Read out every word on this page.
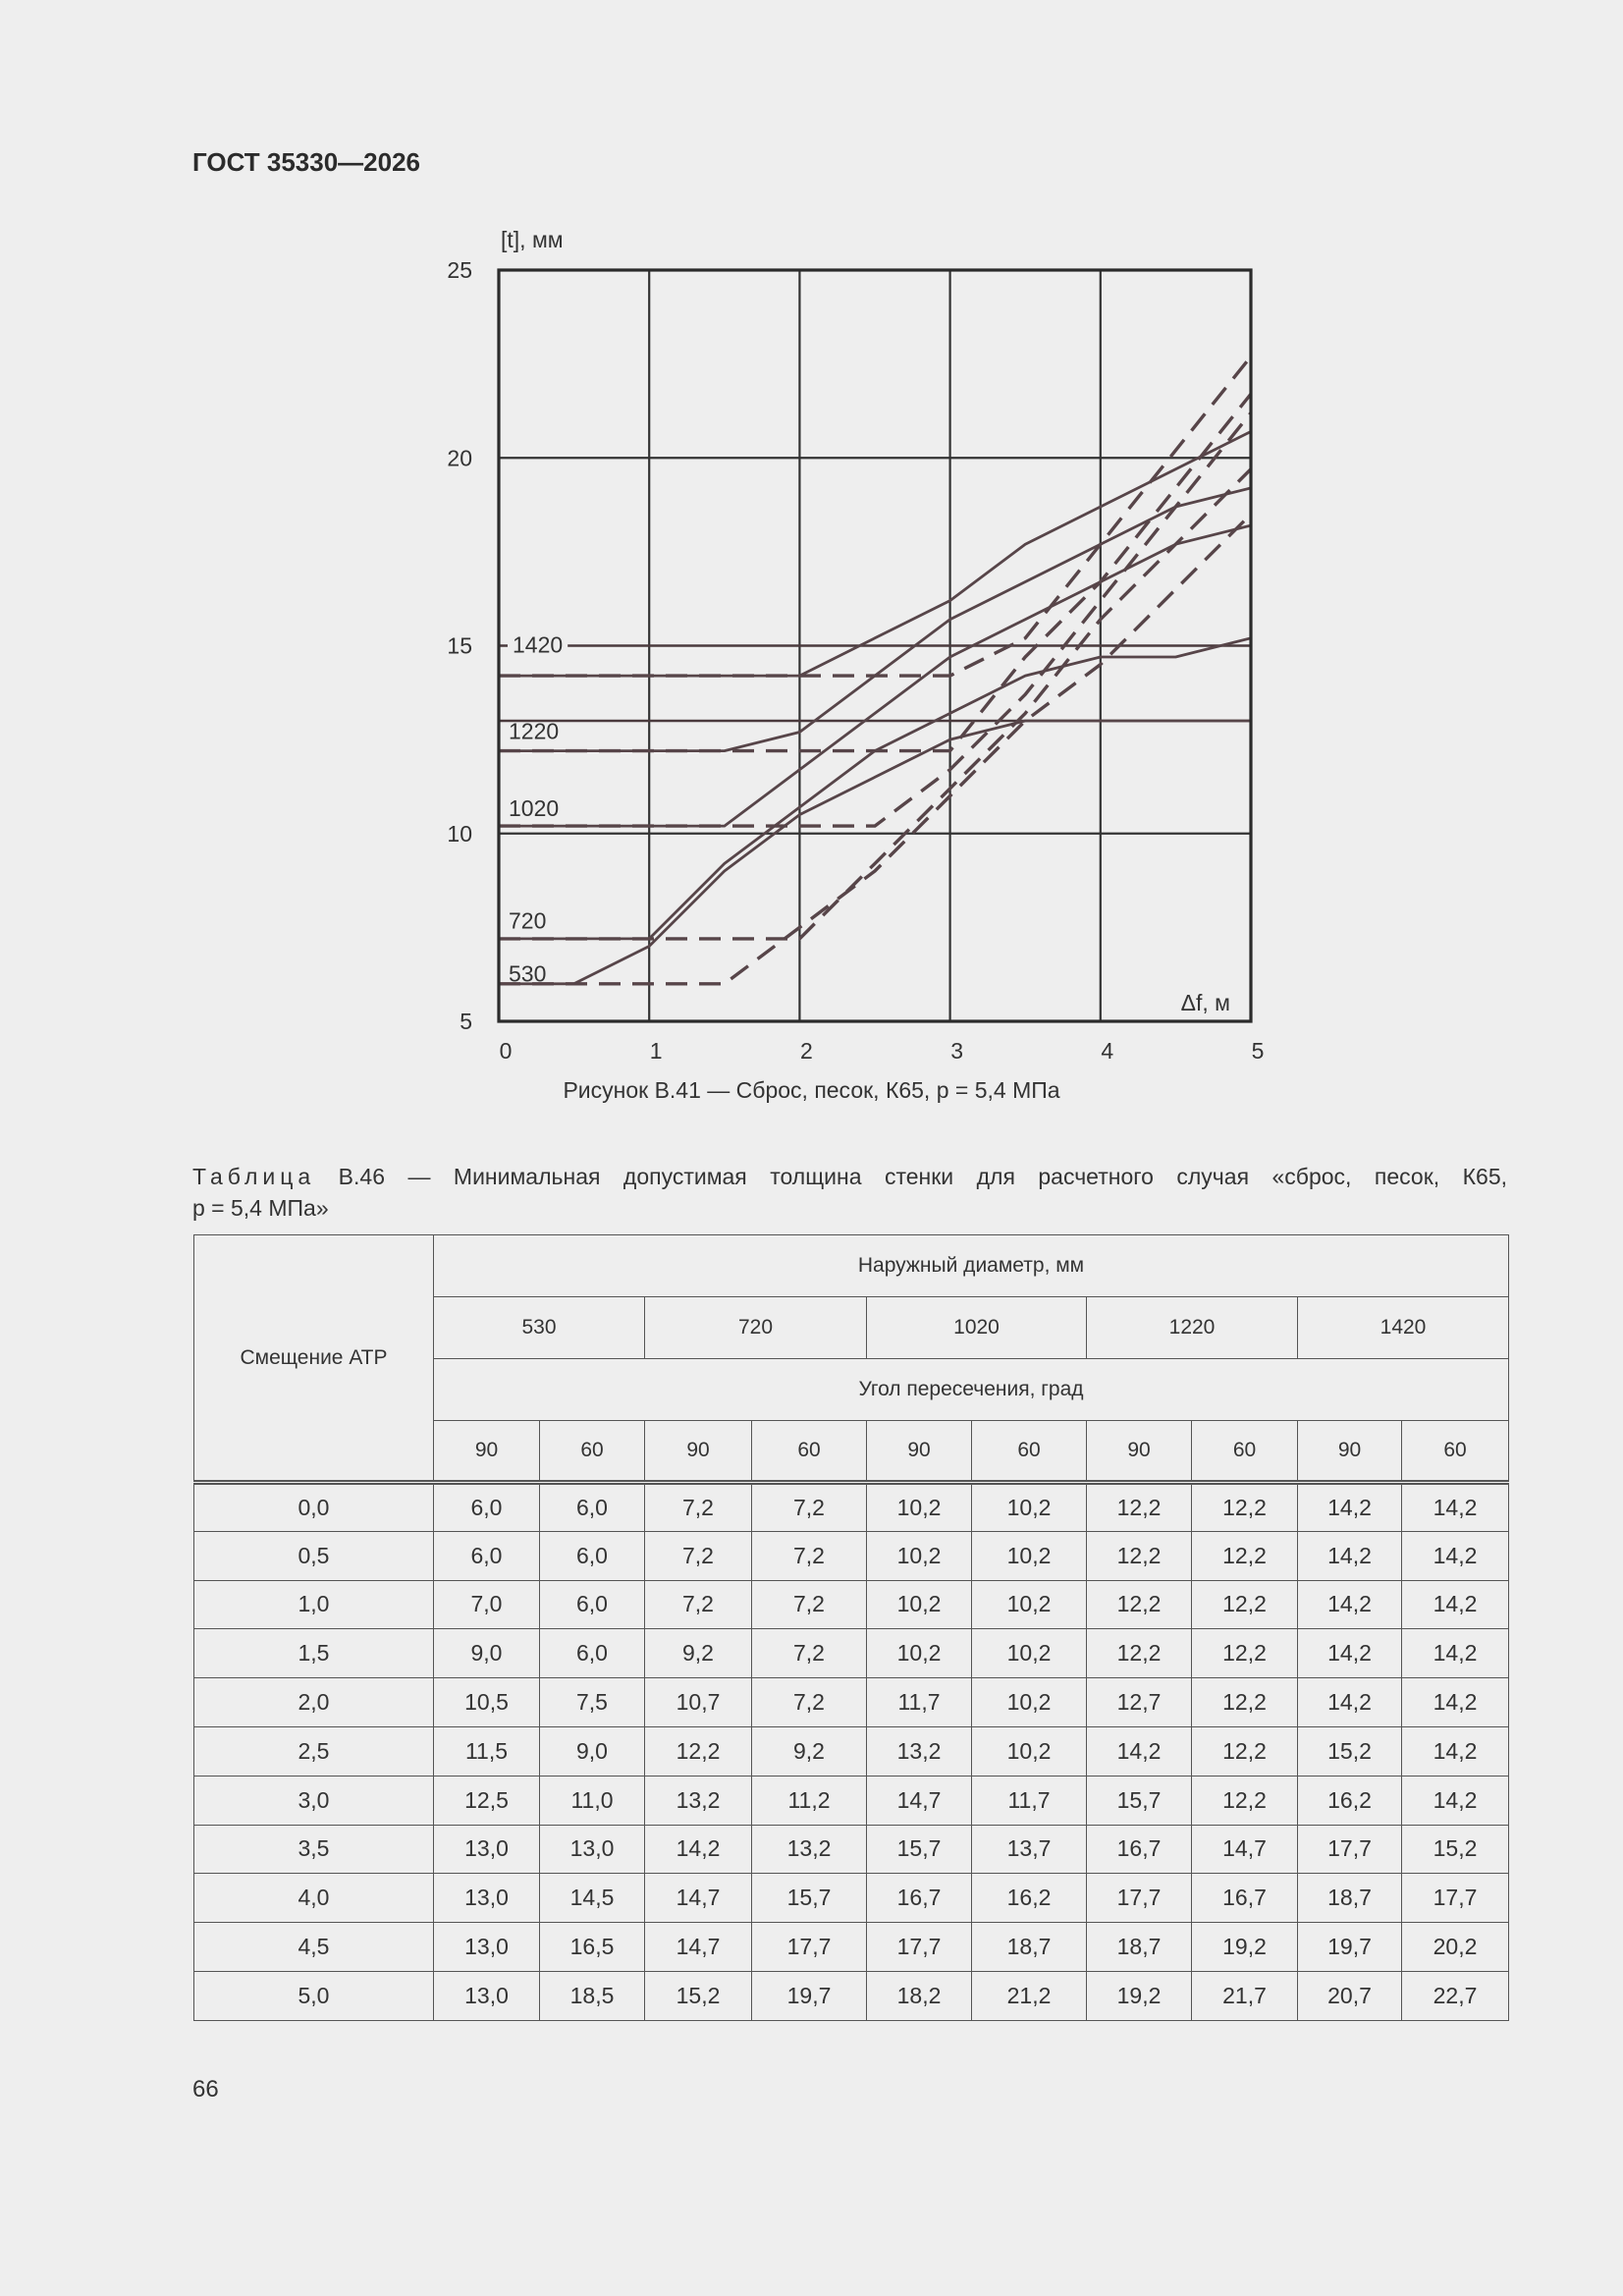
ГОСТ 35330—2026
0	1	2	3	4	5
5
10
15
20
25
1420
1220
1020
720
530
[t], мм
Δf, м
Рисунок В.41 — Сброс, песок, К65, p = 5,4 МПа
Таблица В.46 — Минимальная допустимая толщина стенки для расчетного случая «сброс, песок, К65,
p = 5,4 МПа»
Смещение АТР	Наружный диаметр, мм									
	530		720		1020		1220		1420	
	Угол пересечения, град									
	90	60	90	60	90	60	90	60	90	60
0,0	6,0	6,0	7,2	7,2	10,2	10,2	12,2	12,2	14,2	14,2
0,5	6,0	6,0	7,2	7,2	10,2	10,2	12,2	12,2	14,2	14,2
1,0	7,0	6,0	7,2	7,2	10,2	10,2	12,2	12,2	14,2	14,2
1,5	9,0	6,0	9,2	7,2	10,2	10,2	12,2	12,2	14,2	14,2
2,0	10,5	7,5	10,7	7,2	11,7	10,2	12,7	12,2	14,2	14,2
2,5	11,5	9,0	12,2	9,2	13,2	10,2	14,2	12,2	15,2	14,2
3,0	12,5	11,0	13,2	11,2	14,7	11,7	15,7	12,2	16,2	14,2
3,5	13,0	13,0	14,2	13,2	15,7	13,7	16,7	14,7	17,7	15,2
4,0	13,0	14,5	14,7	15,7	16,7	16,2	17,7	16,7	18,7	17,7
4,5	13,0	16,5	14,7	17,7	17,7	18,7	18,7	19,2	19,7	20,2
5,0	13,0	18,5	15,2	19,7	18,2	21,2	19,2	21,7	20,7	22,7
66
